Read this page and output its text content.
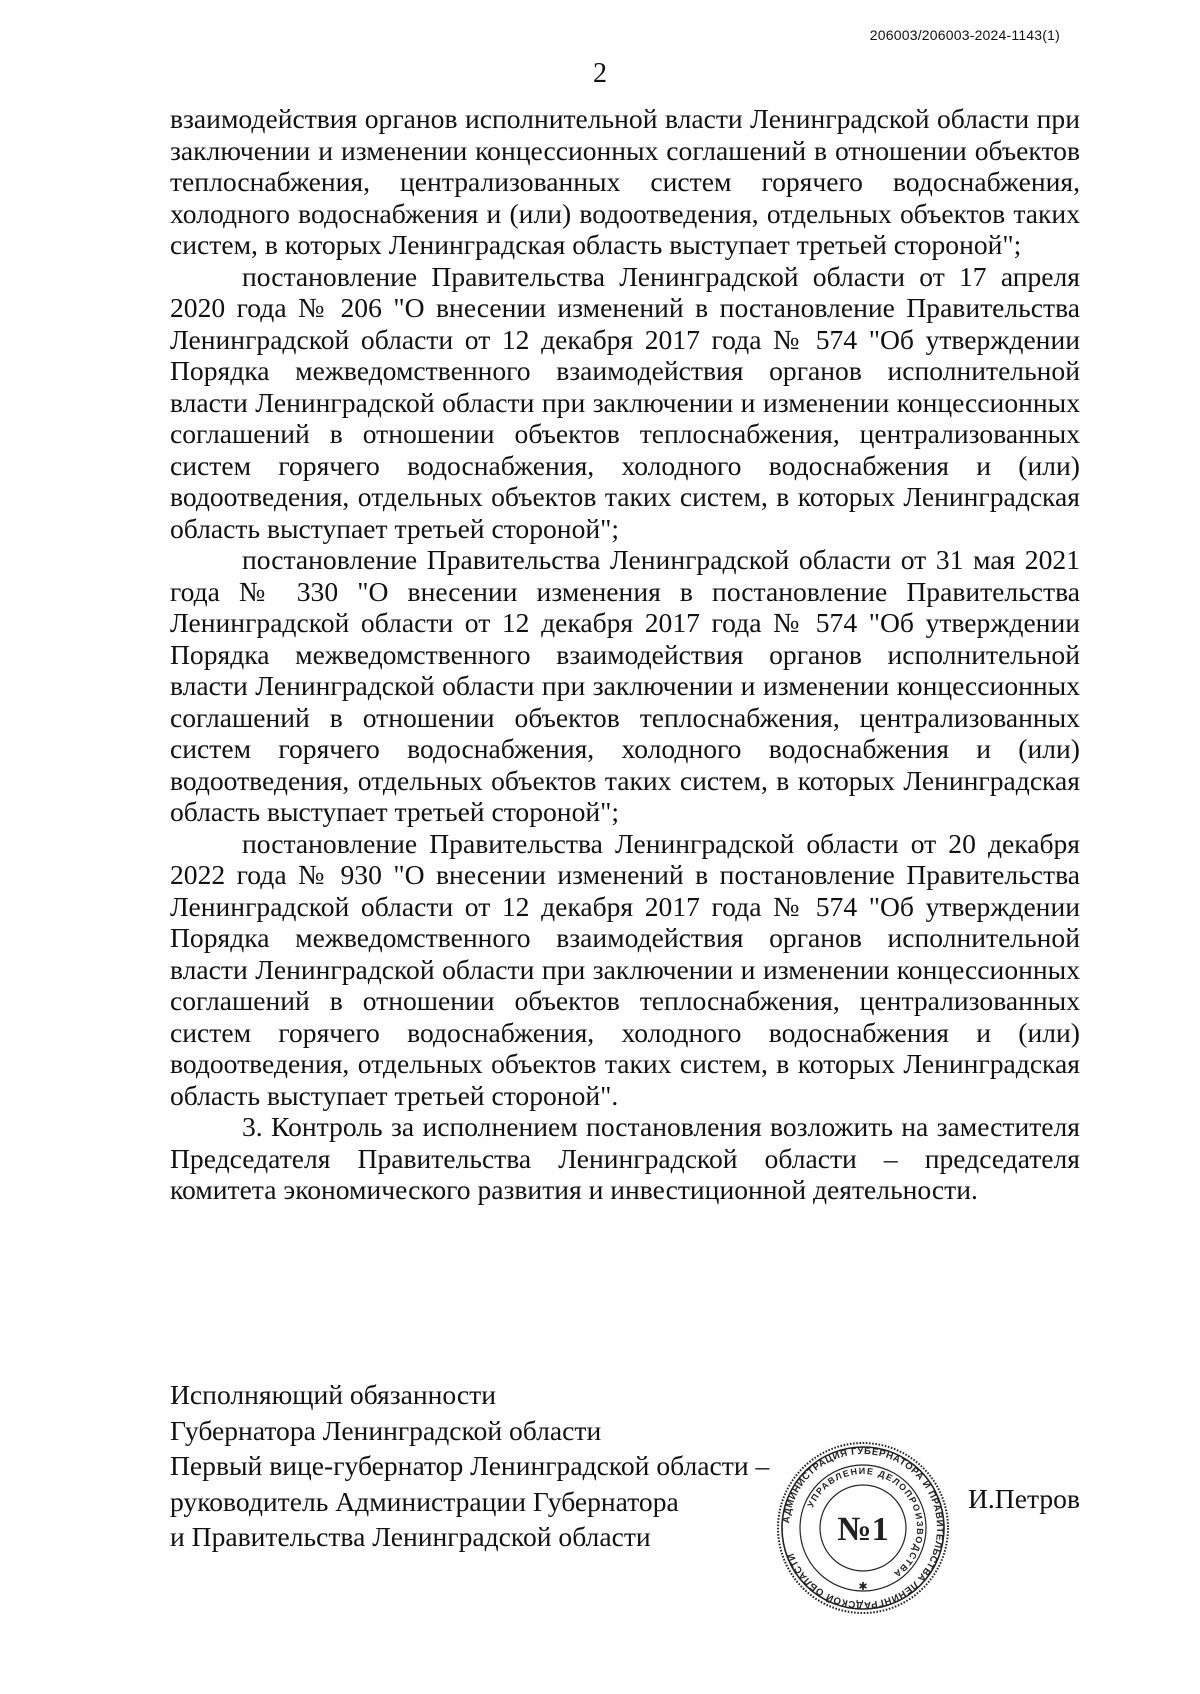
206003/206003-2024-1143(1)
2

взаимодействия органов исполнительной власти Ленинградской области при заключении и изменении концессионных соглашений в отношении объектов теплоснабжения, централизованных систем горячего водоснабжения, холодного водоснабжения и (или) водоотведения, отдельных объектов таких систем, в которых Ленинградская область выступает третьей стороной";

постановление Правительства Ленинградской области от 17 апреля 2020 года № 206 "О внесении изменений в постановление Правительства Ленинградской области от 12 декабря 2017 года № 574 "Об утверждении Порядка межведомственного взаимодействия органов исполнительной власти Ленинградской области при заключении и изменении концессионных соглашений в отношении объектов теплоснабжения, централизованных систем горячего водоснабжения, холодного водоснабжения и (или) водоотведения, отдельных объектов таких систем, в которых Ленинградская область выступает третьей стороной";

постановление Правительства Ленинградской области от 31 мая 2021 года № 330 "О внесении изменения в постановление Правительства Ленинградской области от 12 декабря 2017 года № 574 "Об утверждении Порядка межведомственного взаимодействия органов исполнительной власти Ленинградской области при заключении и изменении концессионных соглашений в отношении объектов теплоснабжения, централизованных систем горячего водоснабжения, холодного водоснабжения и (или) водоотведения, отдельных объектов таких систем, в которых Ленинградская область выступает третьей стороной";

постановление Правительства Ленинградской области от 20 декабря 2022 года № 930 "О внесении изменений в постановление Правительства Ленинградской области от 12 декабря 2017 года № 574 "Об утверждении Порядка межведомственного взаимодействия органов исполнительной власти Ленинградской области при заключении и изменении концессионных соглашений в отношении объектов теплоснабжения, централизованных систем горячего водоснабжения, холодного водоснабжения и (или) водоотведения, отдельных объектов таких систем, в которых Ленинградская область выступает третьей стороной".

3. Контроль за исполнением постановления возложить на заместителя Председателя Правительства Ленинградской области – председателя комитета экономического развития и инвестиционной деятельности.

Исполняющий обязанности
Губернатора Ленинградской области
Первый вице-губернатор Ленинградской области –
руководитель Администрации Губернатора
и Правительства Ленинградской области
АДМИНИСТРАЦИЯ ГУБЕРНАТОРА И ПРАВИТЕЛЬСТВА ЛЕНИНГРАДСКОЙ ОБЛАСТИ
УПРАВЛЕНИЕ ДЕЛОПРОИЗВОДСТВА
№1
✱
И.Петров
